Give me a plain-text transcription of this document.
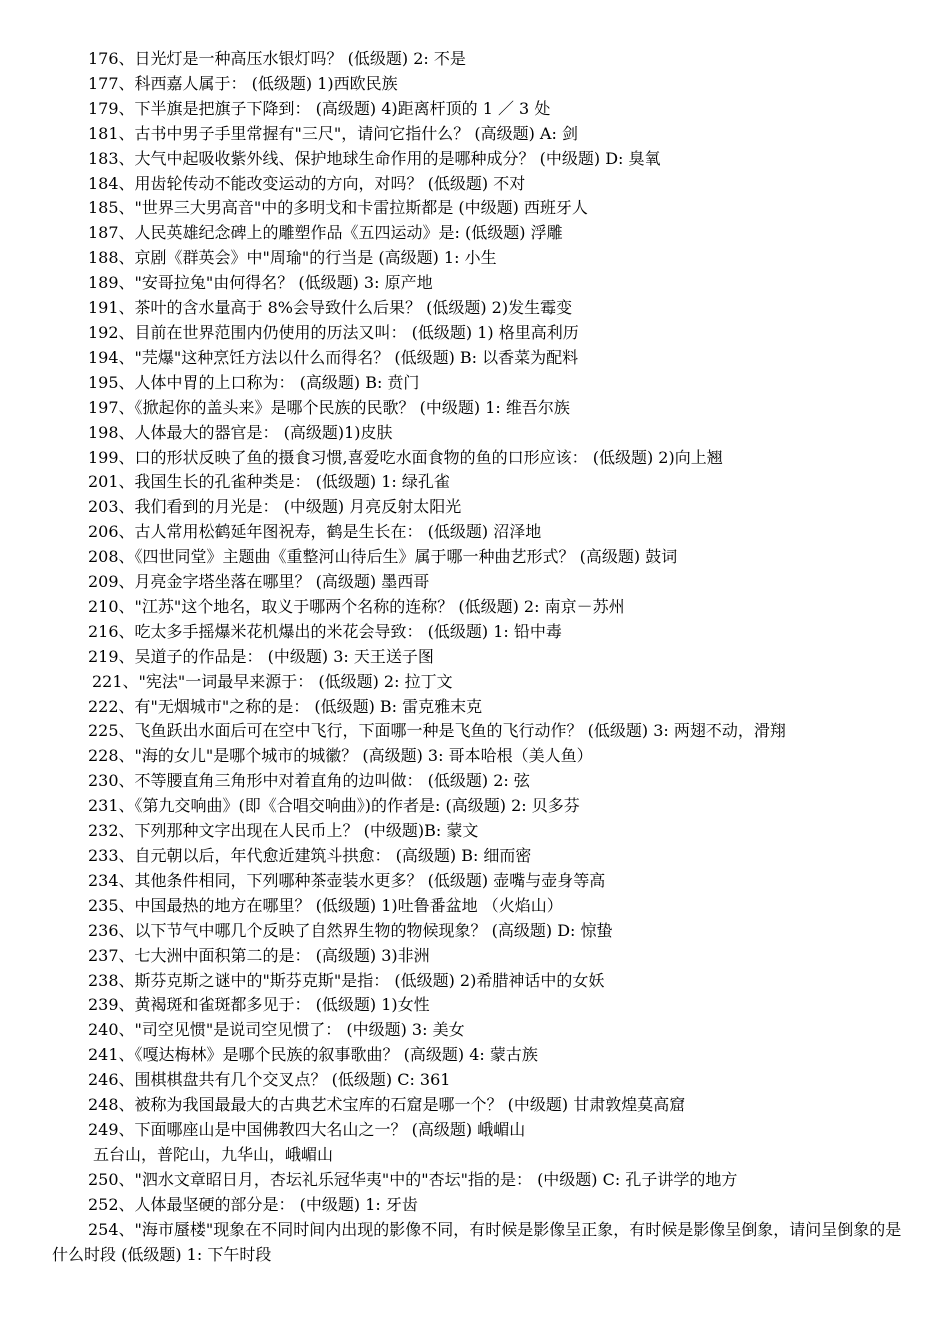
176、日光灯是一种高压水银灯吗？ (低级题) 2: 不是
177、科西嘉人属于： (低级题) 1)西欧民族
179、下半旗是把旗子下降到： (高级题) 4)距离杆顶的 1 ／ 3 处
181、古书中男子手里常握有"三尺"，请问它指什么？ (高级题) A: 剑
183、大气中起吸收紫外线、保护地球生命作用的是哪种成分？ (中级题) D: 臭氧
184、用齿轮传动不能改变运动的方向，对吗？ (低级题) 不对
185、"世界三大男高音"中的多明戈和卡雷拉斯都是 (中级题) 西班牙人
187、人民英雄纪念碑上的雕塑作品《五四运动》是: (低级题) 浮雕
188、京剧《群英会》中"周瑜"的行当是 (高级题) 1: 小生
189、"安哥拉兔"由何得名？ (低级题) 3: 原产地
191、茶叶的含水量高于 8%会导致什么后果？ (低级题) 2)发生霉变
192、目前在世界范围内仍使用的历法又叫： (低级题) 1) 格里高利历
194、"芫爆"这种烹饪方法以什么而得名？ (低级题) B: 以香菜为配料
195、人体中胃的上口称为： (高级题) B: 贲门
197、《掀起你的盖头来》是哪个民族的民歌？ (中级题) 1: 维吾尔族
198、人体最大的器官是： (高级题)1)皮肤
199、口的形状反映了鱼的摄食习惯,喜爱吃水面食物的鱼的口形应该： (低级题) 2)向上翘
201、我国生长的孔雀种类是： (低级题) 1: 绿孔雀
203、我们看到的月光是： (中级题) 月亮反射太阳光
206、古人常用松鹤延年图祝寿，鹤是生长在： (低级题) 沼泽地
208、《四世同堂》主题曲《重整河山待后生》属于哪一种曲艺形式？ (高级题) 鼓词
209、月亮金字塔坐落在哪里？ (高级题) 墨西哥
210、"江苏"这个地名，取义于哪两个名称的连称？ (低级题) 2: 南京－苏州
216、吃太多手摇爆米花机爆出的米花会导致： (低级题) 1: 铅中毒
219、吴道子的作品是： (中级题) 3: 天王送子图
221、"宪法"一词最早来源于： (低级题) 2: 拉丁文
222、有"无烟城市"之称的是： (低级题) B: 雷克雅末克
225、飞鱼跃出水面后可在空中飞行，下面哪一种是飞鱼的飞行动作？ (低级题) 3: 两翅不动，滑翔
228、"海的女儿"是哪个城市的城徽？ (高级题) 3: 哥本哈根（美人鱼）
230、不等腰直角三角形中对着直角的边叫做： (低级题) 2: 弦
231、《第九交响曲》(即《合唱交响曲》)的作者是: (高级题) 2: 贝多芬
232、下列那种文字出现在人民币上？ (中级题)B: 蒙文
233、自元朝以后，年代愈近建筑斗拱愈： (高级题) B: 细而密
234、其他条件相同，下列哪种茶壶装水更多？ (低级题) 壶嘴与壶身等高
235、中国最热的地方在哪里？ (低级题) 1)吐鲁番盆地 （火焰山）
236、以下节气中哪几个反映了自然界生物的物候现象？ (高级题) D: 惊蛰
237、七大洲中面积第二的是： (高级题) 3)非洲
238、斯芬克斯之谜中的"斯芬克斯"是指： (低级题) 2)希腊神话中的女妖
239、黄褐斑和雀斑都多见于： (低级题) 1)女性
240、"司空见惯"是说司空见惯了： (中级题) 3: 美女
241、《嘎达梅林》是哪个民族的叙事歌曲？ (高级题) 4: 蒙古族
246、围棋棋盘共有几个交叉点？ (低级题) C: 361
248、被称为我国最最大的古典艺术宝库的石窟是哪一个？ (中级题) 甘肃敦煌莫高窟
249、下面哪座山是中国佛教四大名山之一？ (高级题) 峨嵋山
五台山，普陀山，九华山，峨嵋山
250、"泗水文章昭日月，杏坛礼乐冠华夷"中的"杏坛"指的是： (中级题) C: 孔子讲学的地方
252、人体最坚硬的部分是： (中级题) 1: 牙齿
254、"海市蜃楼"现象在不同时间内出现的影像不同，有时候是影像呈正象，有时候是影像呈倒象，请问呈倒象的是什么时段 (低级题) 1: 下午时段
